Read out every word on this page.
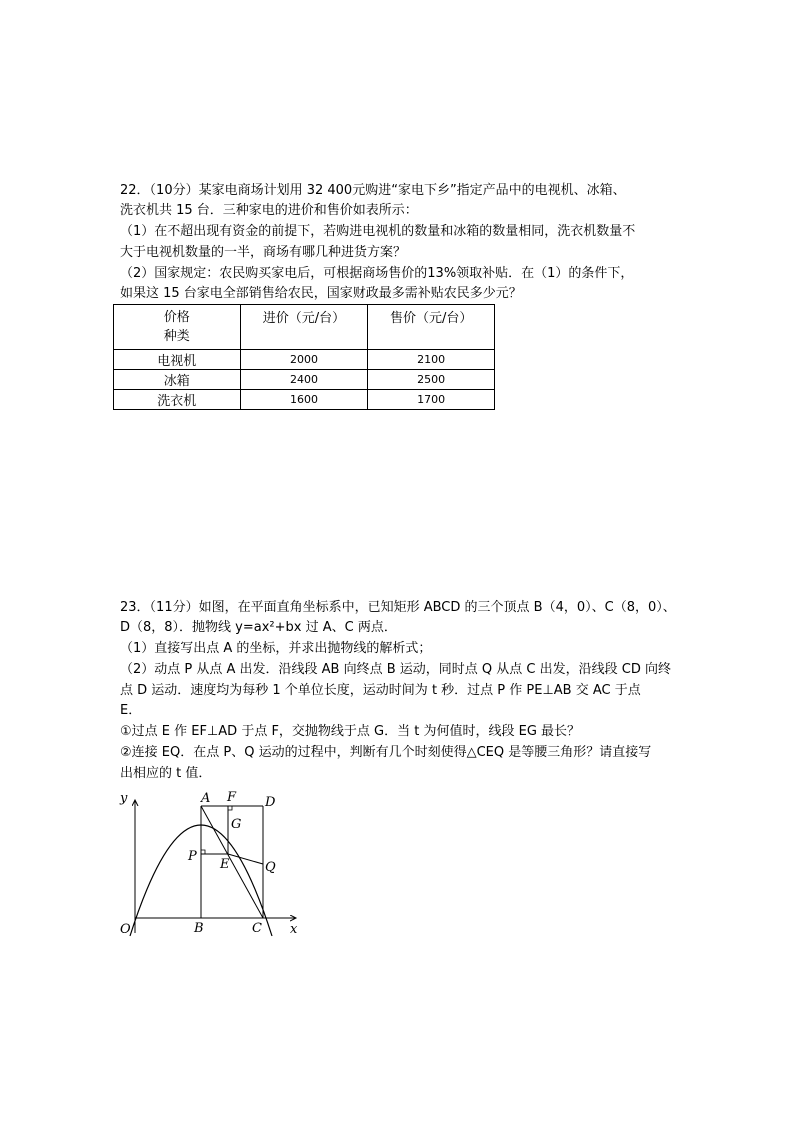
22．（10分）某家电商场计划用 32 400元购进“家电下乡”指定产品中的电视机、冰箱、
洗衣机共 15 台．三种家电的进价和售价如表所示：
（1）在不超出现有资金的前提下，若购进电视机的数量和冰箱的数量相同，洗衣机数量不
大于电视机数量的一半，商场有哪几种进货方案？
（2）国家规定：农民购买家电后，可根据商场售价的13%领取补贴．在（1）的条件下，
如果这 15 台家电全部销售给农民，国家财政最多需补贴农民多少元？
价格
种类	进价（元/台）	售价（元/台）
电视机	2000	2100
冰箱	2400	2500
洗衣机	1600	1700
23．（11分）如图，在平面直角坐标系中，已知矩形 ABCD 的三个顶点 B（4，0）、C（8，0）、
D（8，8）．抛物线 y=ax²+bx 过 A、C 两点．
（1）直接写出点 A 的坐标，并求出抛物线的解析式；
（2）动点 P 从点 A 出发．沿线段 AB 向终点 B 运动，同时点 Q 从点 C 出发，沿线段 CD 向终
点 D 运动．速度均为每秒 1 个单位长度，运动时间为 t 秒．过点 P 作 PE⊥AB 交 AC 于点
E．
①过点 E 作 EF⊥AD 于点 F，交抛物线于点 G．当 t 为何值时，线段 EG 最长？
②连接 EQ．在点 P、Q 运动的过程中，判断有几个时刻使得△CEQ 是等腰三角形？请直接写
出相应的 t 值．
y
x
O
A
B	C
D
F
G
P
E	Q
